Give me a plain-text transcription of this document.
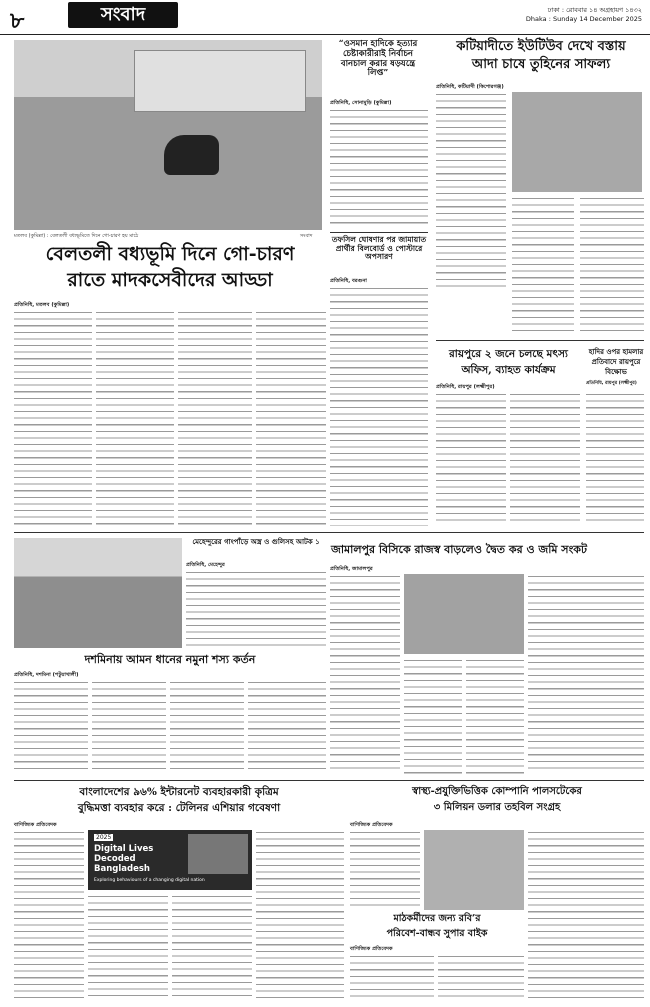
৮	সংবাদ	ঢাকা : রোববার ১৪ অগ্রহায়ণ ১৪৩২
Dhaka : Sunday 14 December 2025
মতলব (কুমিল্লা) : বেলতলী বধ্যভূমিতে দিনে গো-চারণ হয় মাঠে	সংবাদ
“ওসমান হাদিকে হত্যার চেষ্টাকারীরাই নির্বাচন বানচাল করার ষড়যন্ত্রে লিপ্ত”
প্রতিনিধি, সোনামুড়ি (কুমিল্লা)
কটিয়াদীতে ইউটিউব দেখে বস্তায়
আদা চাষে তুহিনের সাফল্য
প্রতিনিধি, কটিয়াদী (কিশোরগঞ্জ)
তফসিল ঘোষণার পর জামায়াত প্রার্থীর বিলবোর্ড ও পোস্টারে অপসারণ
প্রতিনিধি, বরগুনা
বেলতলী বধ্যভূমি দিনে গো-চারণ
রাতে মাদকসেবীদের আড্ডা
প্রতিনিধি, মতলব (কুমিল্লা)
রায়পুরে ২ জনে চলছে মৎস্য
অফিস, ব্যাহত কার্যক্রম
প্রতিনিধি, রায়পুর (লক্ষ্মীপুর)
হাদির ওপর হামলার
প্রতিবাদে রায়পুরে
বিক্ষোভ
প্রতিনিধি, রায়পুর (লক্ষ্মীপুর)
মেহেন্দুরের গাংপাঁড়ে অস্ত্র ও গুলিসহ আটক ১
প্রতিনিধি, মেহেন্দুর
দশমিনায় আমন ধানের নমুনা শস্য কর্তন
প্রতিনিধি, দশমিনা (পটুয়াখালী)
জামালপুর বিসিকে রাজস্ব বাড়লেও দ্বৈত কর ও জমি সংকট
প্রতিনিধি, জামালপুর
বাংলাদেশের ৯৬% ইন্টারনেট ব্যবহারকারী কৃত্রিম
বুদ্ধিমত্তা ব্যবহার করে : টেলিনর এশিয়ার গবেষণা
বাণিজ্যিক প্রতিবেদক
2025
Digital Lives Decoded Bangladesh
Exploring behaviours of a changing digital nation
স্বাস্থ্য-প্রযুক্তিভিত্তিক কোম্পানি পালসটেকের
৩ মিলিয়ন ডলার তহবিল সংগ্রহ
বাণিজ্যিক প্রতিবেদক
মাঠকর্মীদের জন্য রবি’র
পরিবেশ-বান্ধব সুপার বাইক
বাণিজ্যিক প্রতিবেদক
